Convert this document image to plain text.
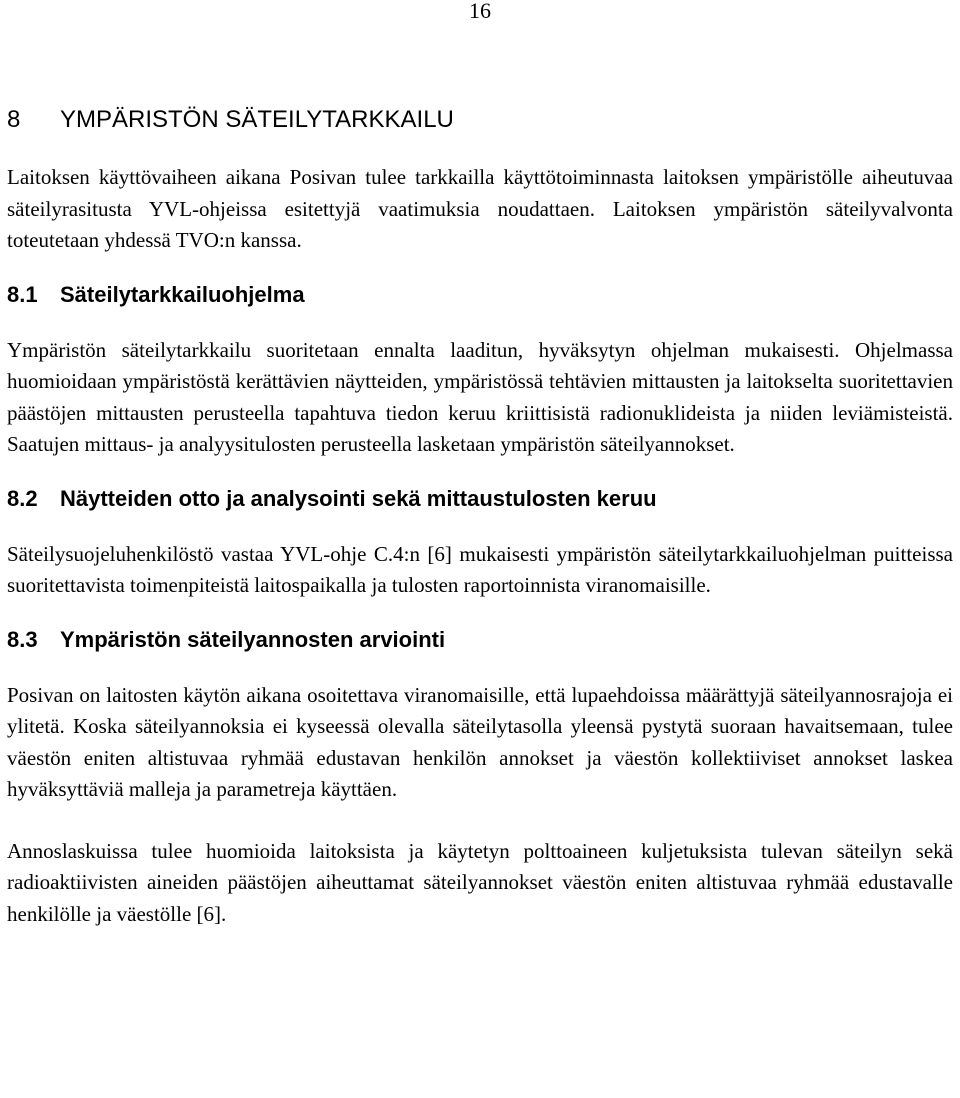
16
8 YMPÄRISTÖN SÄTEILYTARKKAILU

Laitoksen käyttövaiheen aikana Posivan tulee tarkkailla käyttötoiminnasta laitoksen ympäristölle aiheutuvaa säteilyrasitusta YVL-ohjeissa esitettyjä vaatimuksia noudattaen. Laitoksen ympäristön säteilyvalvonta toteutetaan yhdessä TVO:n kanssa.

8.1 Säteilytarkkailuohjelma

Ympäristön säteilytarkkailu suoritetaan ennalta laaditun, hyväksytyn ohjelman mukaisesti. Ohjelmassa huomioidaan ympäristöstä kerättävien näytteiden, ympäristössä tehtävien mittausten ja laitokselta suoritettavien päästöjen mittausten perusteella tapahtuva tiedon keruu kriittisistä radionuklideista ja niiden leviämisteistä. Saatujen mittaus- ja analyysitulosten perusteella lasketaan ympäristön säteilyannokset.

8.2 Näytteiden otto ja analysointi sekä mittaustulosten keruu

Säteilysuojeluhenkilöstö vastaa YVL-ohje C.4:n [6] mukaisesti ympäristön säteilytarkkailuohjelman puitteissa suoritettavista toimenpiteistä laitospaikalla ja tulosten raportoinnista viranomaisille.

8.3 Ympäristön säteilyannosten arviointi

Posivan on laitosten käytön aikana osoitettava viranomaisille, että lupaehdoissa määrättyjä säteilyannosrajoja ei ylitetä. Koska säteilyannoksia ei kyseessä olevalla säteilytasolla yleensä pystytä suoraan havaitsemaan, tulee väestön eniten altistuvaa ryhmää edustavan henkilön annokset ja väestön kollektiiviset annokset laskea hyväksyttäviä malleja ja parametreja käyttäen.

Annoslaskuissa tulee huomioida laitoksista ja käytetyn polttoaineen kuljetuksista tulevan säteilyn sekä radioaktiivisten aineiden päästöjen aiheuttamat säteilyannokset väestön eniten altistuvaa ryhmää edustavalle henkilölle ja väestölle [6].
